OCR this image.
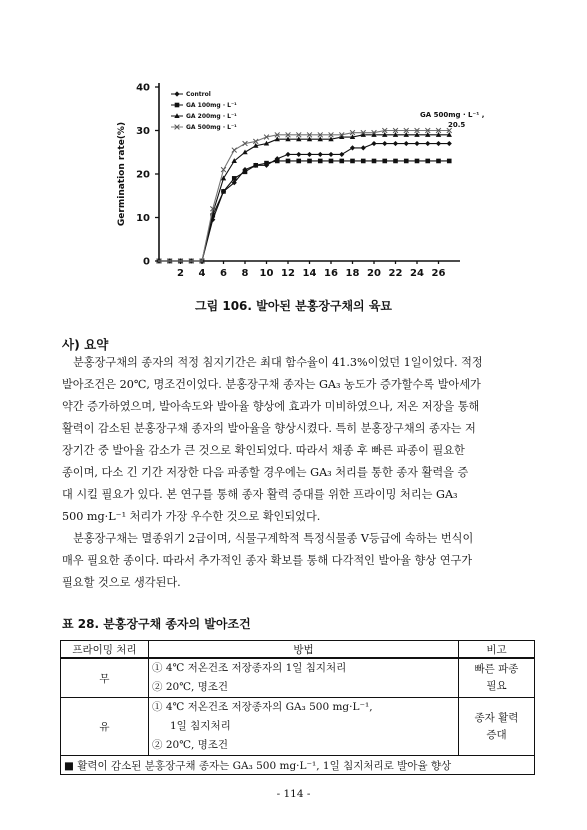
0
10
20
30
40
2 4 6 8 10 12 14 16 18 20 22 24 26
Germination rate(%)
Control
GA 100mg · L⁻¹
GA 200mg · L⁻¹
GA 500mg · L⁻¹
GA 500mg · L⁻¹ ,
20.5
그림 106. 발아된 분홍장구채의 육묘
사) 요약
분홍장구채의 종자의 적정 침지기간은 최대 함수율이 41.3%이었던 1일이었다. 적정
발아조건은 20℃, 명조건이었다. 분홍장구채 종자는 GA₃ 농도가 증가할수록 발아세가
약간 증가하였으며, 발아속도와 발아율 향상에 효과가 미비하였으나, 저온 저장을 통해
활력이 감소된 분홍장구채 종자의 발아율을 향상시켰다. 특히 분홍장구채의 종자는 저
장기간 중 발아율 감소가 큰 것으로 확인되었다. 따라서 채종 후 빠른 파종이 필요한
종이며, 다소 긴 기간 저장한 다음 파종할 경우에는 GA₃ 처리를 통한 종자 활력을 증
대 시킬 필요가 있다. 본 연구를 통해 종자 활력 증대를 위한 프라이밍 처리는 GA₃
500 mg·L⁻¹ 처리가 가장 우수한 것으로 확인되었다.
분홍장구채는 멸종위기 2급이며, 식물구계학적 특정식물종 V등급에 속하는 번식이
매우 필요한 종이다. 따라서 추가적인 종자 확보를 통해 다각적인 발아율 향상 연구가
필요할 것으로 생각된다.
표 28. 분홍장구채 종자의 발아조건
프라이밍 처리	방법	비고
무	① 4℃ 저온건조 저장종자의 1일 침지처리
② 20℃, 명조건	빠른 파종
필요

유	① 4℃ 저온건조 저장종자의 GA₃ 500 mg·L⁻¹,
1일 침지처리
② 20℃, 명조건	종자 활력
증대

■ 활력이 감소된 분홍장구채 종자는 GA₃ 500 mg·L⁻¹, 1일 침지처리로 발아율 향상		
- 114 -
